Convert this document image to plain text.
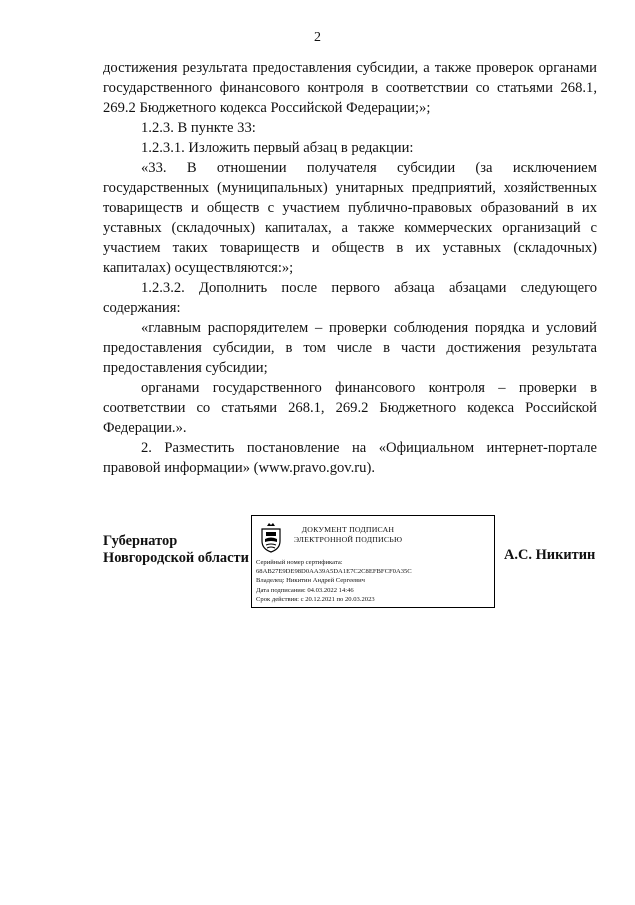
2

достижения результата предоставления субсидии, а также проверок органами государственного финансового контроля в соответствии со статьями 268.1, 269.2 Бюджетного кодекса Российской Федерации;»;

1.2.3. В пункте 33:

1.2.3.1. Изложить первый абзац в редакции:

«33. В отношении получателя субсидии (за исключением государственных (муниципальных) унитарных предприятий, хозяйственных товариществ и обществ с участием публично-правовых образований в их уставных (складочных) капиталах, а также коммерческих организаций с участием таких товариществ и обществ в их уставных (складочных) капиталах) осуществляются:»;

1.2.3.2. Дополнить после первого абзаца абзацами следующего содержания:

«главным распорядителем – проверки соблюдения порядка и условий предоставления субсидии, в том числе в части достижения результата предоставления субсидии;

органами государственного финансового контроля – проверки в соответствии со статьями 268.1, 269.2 Бюджетного кодекса Российской Федерации.».

2. Разместить постановление на «Официальном интернет-портале правовой информации» (www.pravo.gov.ru).

Губернатор
Новгородской области
ДОКУМЕНТ ПОДПИСАН
ЭЛЕКТРОННОЙ ПОДПИСЬЮ
Серийный номер сертификата:
68AB27E9DE98D0AA39A5DA1E7C2C8EFBFCF0A35C
Владелец: Никитин Андрей Сергеевич
Дата подписания: 04.03.2022 14:46
Срок действия: с 20.12.2021 по 20.03.2023
А.С. Никитин
